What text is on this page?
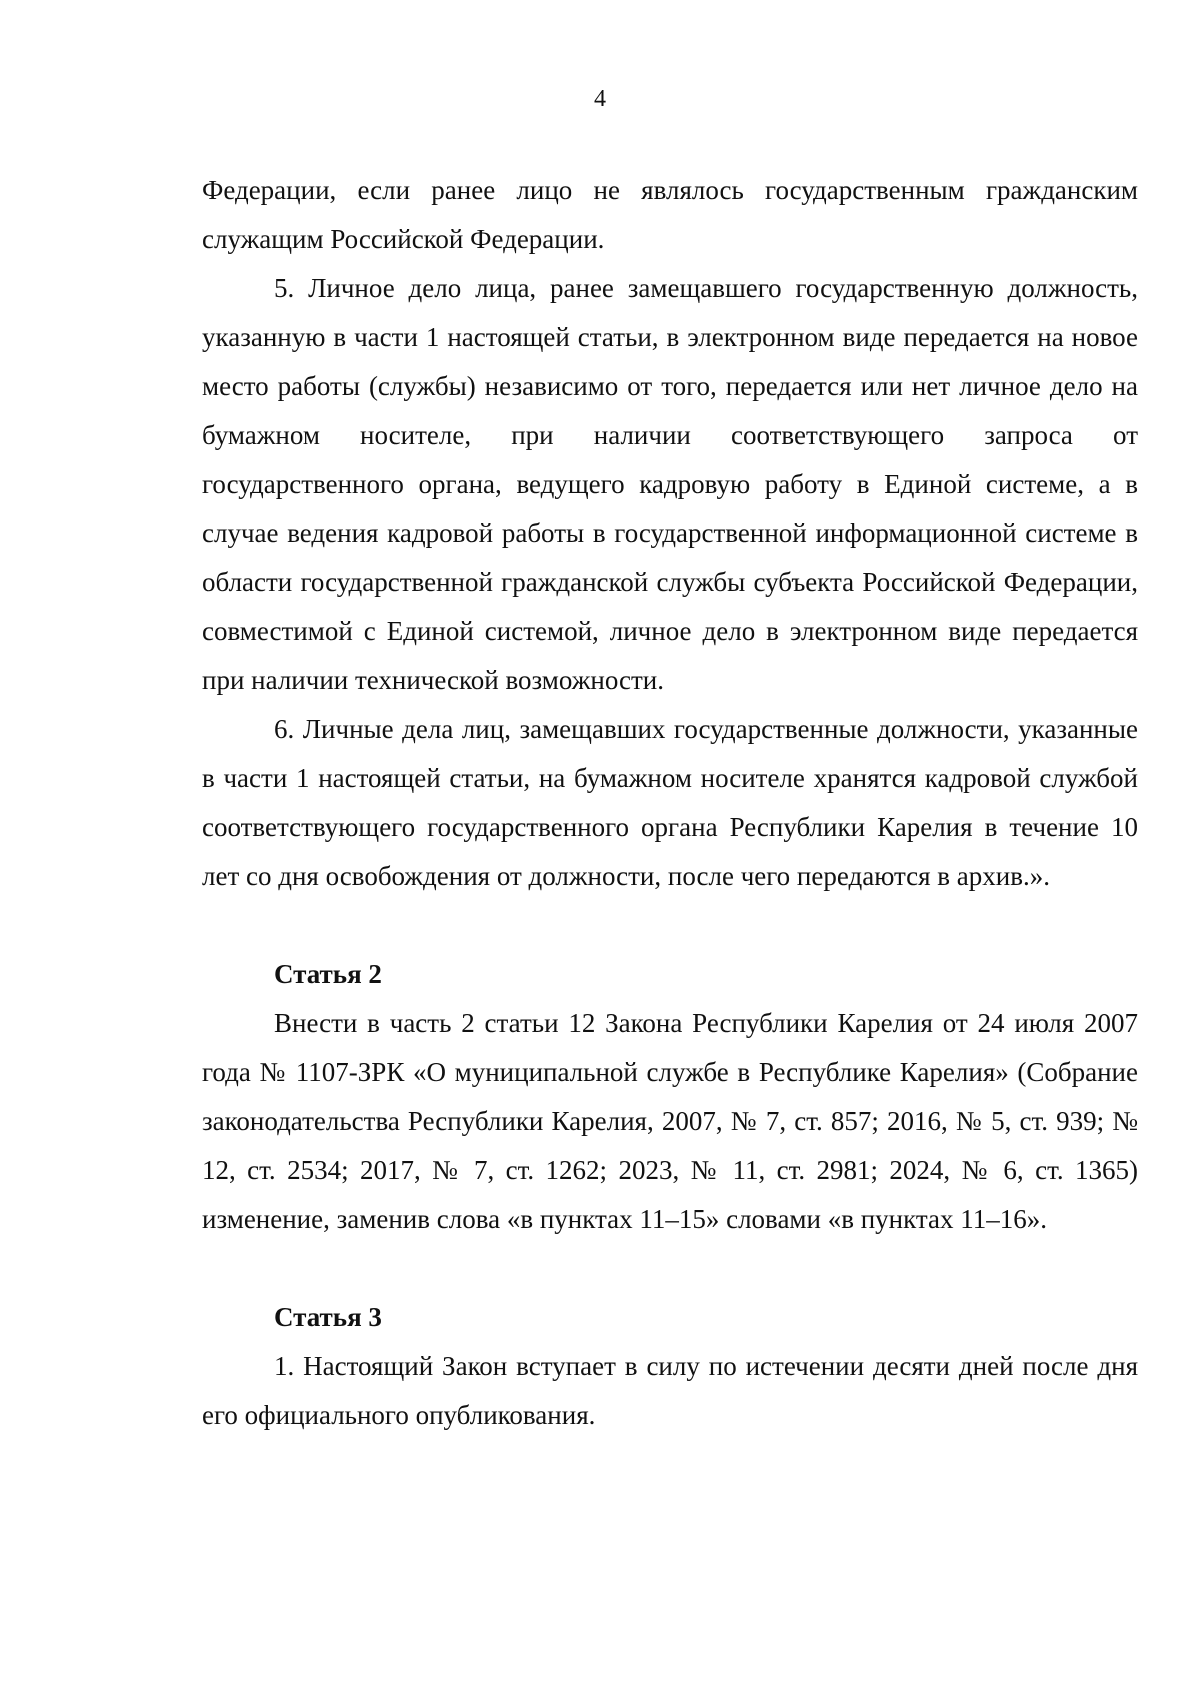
4

Федерации, если ранее лицо не являлось государственным гражданским служащим Российской Федерации.

5. Личное дело лица, ранее замещавшего государственную должность, указанную в части 1 настоящей статьи, в электронном виде передается на новое место работы (службы) независимо от того, передается или нет личное дело на бумажном носителе, при наличии соответствующего запроса от государственного органа, ведущего кадровую работу в Единой системе, а в случае ведения кадровой работы в государственной информационной системе в области государственной гражданской службы субъекта Российской Федерации, совместимой с Единой системой, личное дело в электронном виде передается при наличии технической возможности.

6. Личные дела лиц, замещавших государственные должности, указанные в части 1 настоящей статьи, на бумажном носителе хранятся кадровой службой соответствующего государственного органа Республики Карелия в течение 10 лет со дня освобождения от должности, после чего передаются в архив.».

Статья 2

Внести в часть 2 статьи 12 Закона Республики Карелия от 24 июля 2007 года № 1107-ЗРК «О муниципальной службе в Республике Карелия» (Собрание законодательства Республики Карелия, 2007, № 7, ст. 857; 2016, № 5, ст. 939; № 12, ст. 2534; 2017, № 7, ст. 1262; 2023, № 11, ст. 2981; 2024, № 6, ст. 1365) изменение, заменив слова «в пунктах 11–15» словами «в пунктах 11–16».

Статья 3

1. Настоящий Закон вступает в силу по истечении десяти дней после дня его официального опубликования.
